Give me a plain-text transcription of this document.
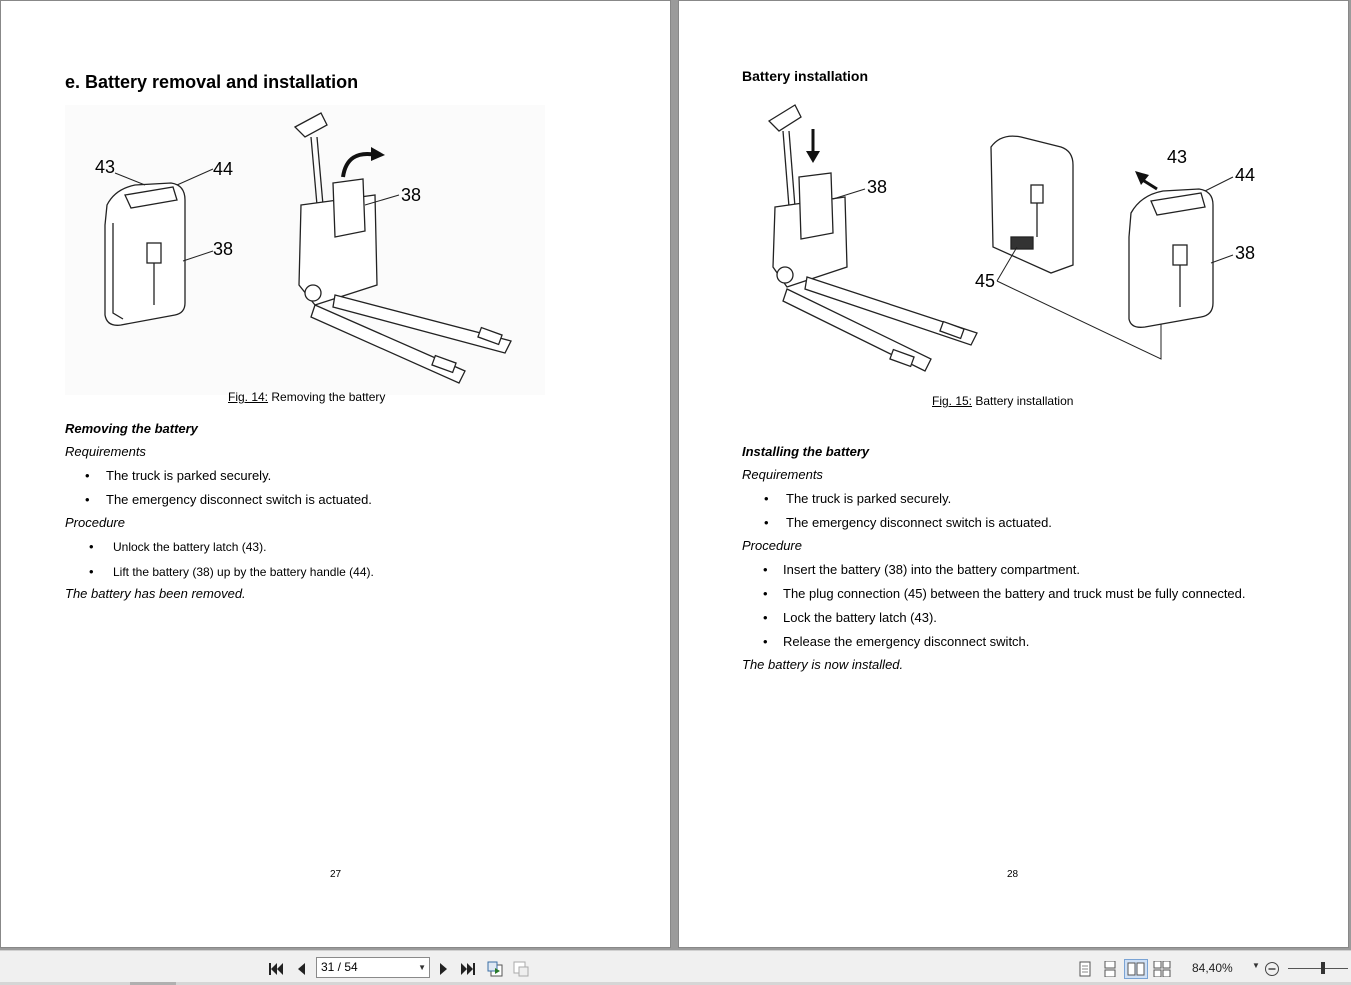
e. Battery removal and installation
43	44
38
38
Fig. 14: Removing the battery
Removing the battery
Requirements
• The truck is parked securely.
• The emergency disconnect switch is actuated.
Procedure
• Unlock the battery latch (43).
• Lift the battery (38) up by the battery handle (44).
The battery has been removed.
27
Battery installation
38
45
43
44
38
Fig. 15: Battery installation
Installing the battery
Requirements
• The truck is parked securely.
• The emergency disconnect switch is actuated.
Procedure
• Insert the battery (38) into the battery compartment.
• The plug connection (45) between the battery and truck must be fully connected.
• Lock the battery latch (43).
• Release the emergency disconnect switch.
The battery is now installed.
28
31 / 54	▼	84,40% ▼
